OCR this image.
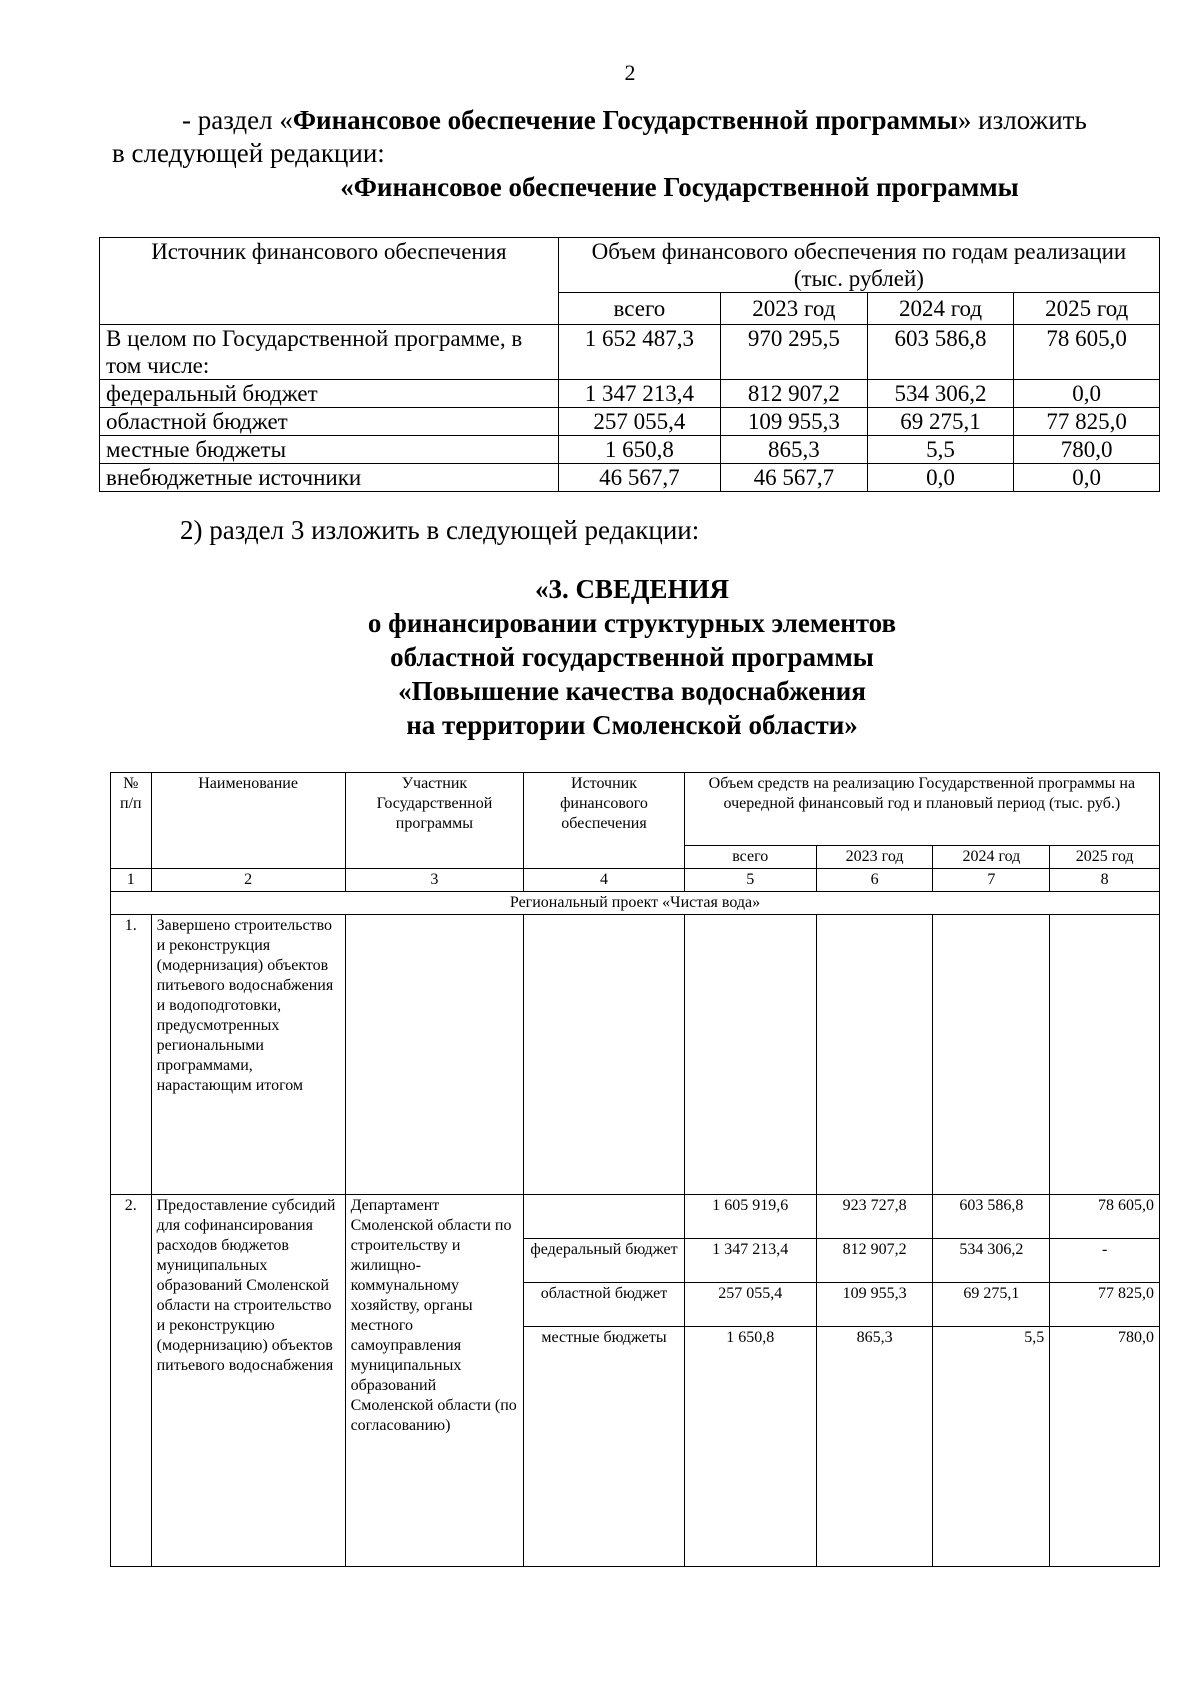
2
- раздел «Финансовое обеспечение Государственной программы» изложить
в следующей редакции:
«Финансовое обеспечение Государственной программы
Источник финансового обеспечения	Объем финансового обеспечения по годам реализации (тыс. рублей)			
	всего	2023 год	2024 год	2025 год
В целом по Государственной программе, в том числе:	1 652 487,3	970 295,5	603 586,8	78 605,0
федеральный бюджет	1 347 213,4	812 907,2	534 306,2	0,0
областной бюджет	257 055,4	109 955,3	69 275,1	77 825,0
местные бюджеты	1 650,8	865,3	5,5	780,0
внебюджетные источники	46 567,7	46 567,7	0,0	0,0
2) раздел 3 изложить в следующей редакции:
«3. СВЕДЕНИЯ
о финансировании структурных элементов
областной государственной программы
«Повышение качества водоснабжения
на территории Смоленской области»
№ п/п	Наименование	Участник Государственной программы	Источник финансового обеспечения	Объем средств на реализацию Государственной программы на очередной финансовый год и плановый период (тыс. руб.)			
				всего	2023 год	2024 год	2025 год
1	2	3	4	5	6	7	8
Региональный проект «Чистая вода»							
1.	Завершено строительство и реконструкция (модернизация) объектов питьевого водоснабжения и водоподготовки, предусмотренных региональными программами, нарастающим итогом						
2.	Предоставление субсидий для софинансирования расходов бюджетов муниципальных образований Смоленской области на строительство и реконструкцию (модернизацию) объектов питьевого водоснабжения	Департамент Смоленской области по строительству и жилищно-коммунальному хозяйству, органы местного самоуправления муниципальных образований Смоленской области (по согласованию)		1 605 919,6	923 727,8	603 586,8	78 605,0
			федеральный бюджет	1 347 213,4	812 907,2	534 306,2	-
			областной бюджет	257 055,4	109 955,3	69 275,1	77 825,0
			местные бюджеты	1 650,8	865,3	5,5	780,0
